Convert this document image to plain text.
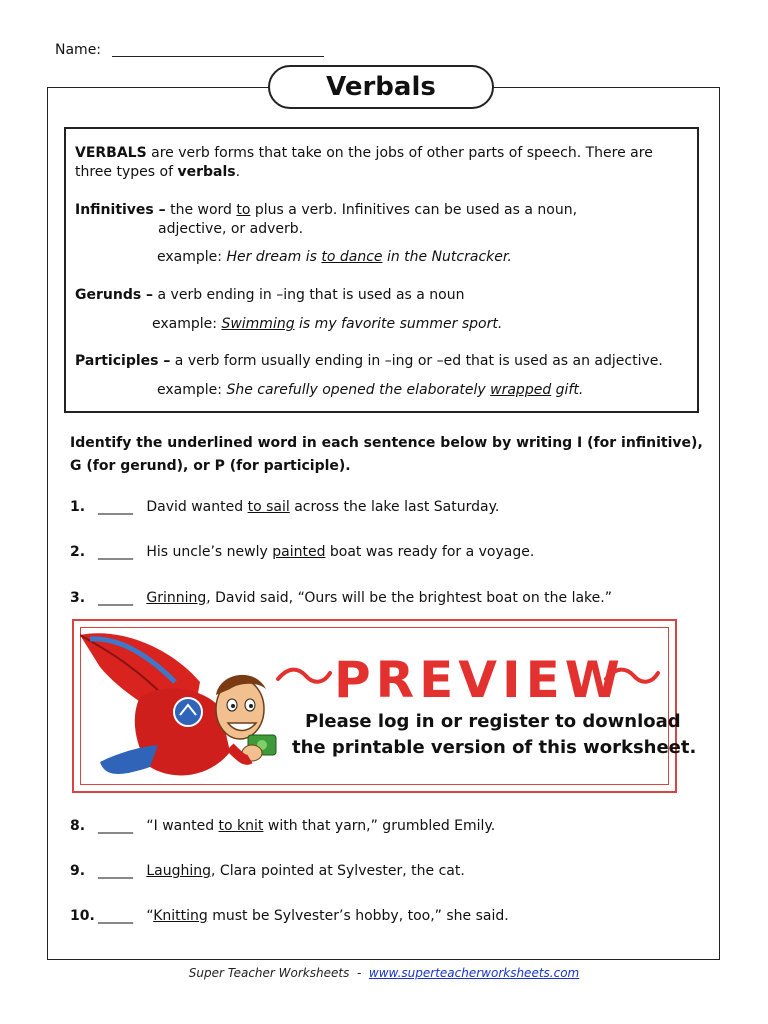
Name:
Verbals
VERBALS are verb forms that take on the jobs of other parts of speech. There are
three types of verbals.
Infinitives – the word to plus a verb. Infinitives can be used as a noun,
adjective, or adverb.
example: Her dream is to dance in the Nutcracker.
Gerunds – a verb ending in –ing that is used as a noun
example: Swimming is my favorite summer sport.
Participles – a verb form usually ending in –ing or –ed that is used as an adjective.
example: She carefully opened the elaborately wrapped gift.
Identify the underlined word in each sentence below by writing I (for infinitive),
G (for gerund), or P (for participle).
1. _____ David wanted to sail across the lake last Saturday.
2. _____ His uncle’s newly painted boat was ready for a voyage.
3. _____ Grinning, David said, “Ours will be the brightest boat on the lake.”
PREVIEW
Please log in or register to download
the printable version of this worksheet.
8. _____ “I wanted to knit with that yarn,” grumbled Emily.
9. _____ Laughing, Clara pointed at Sylvester, the cat.
10. _____ “Knitting must be Sylvester’s hobby, too,” she said.
Super Teacher Worksheets  -  www.superteacherworksheets.com
